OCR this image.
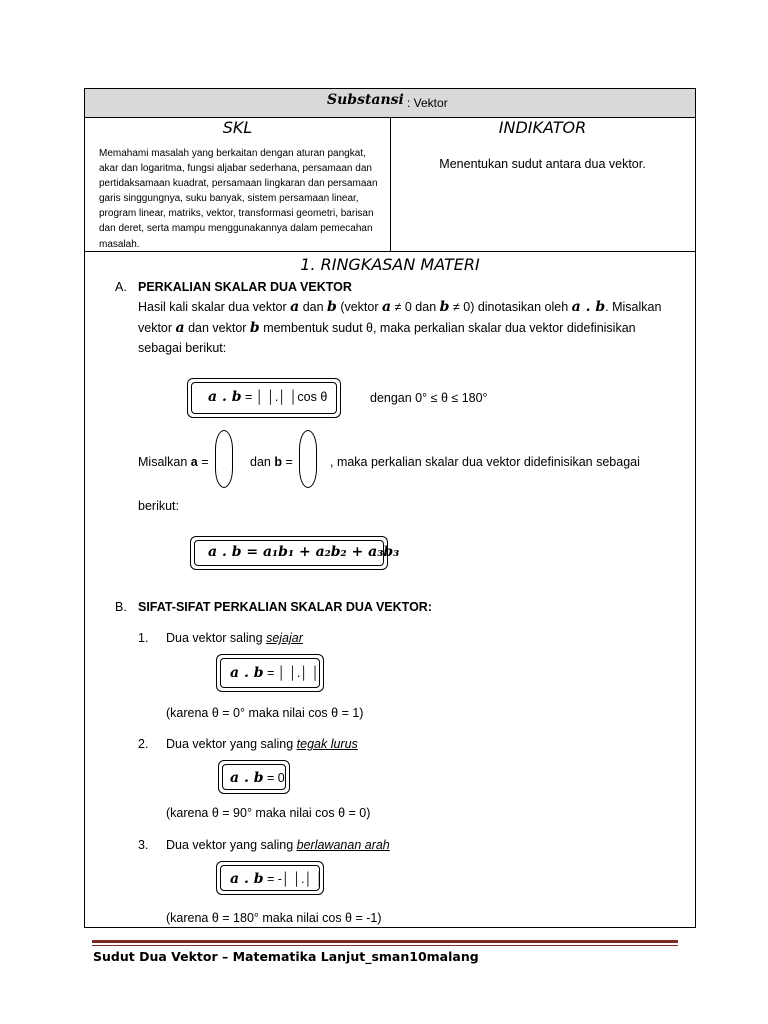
Substansi : Vektor
SKL	INDIKATOR
Memahami masalah yang berkaitan dengan aturan pangkat, akar dan logaritma, fungsi aljabar sederhana, persamaan dan pertidaksamaan kuadrat, persamaan lingkaran dan persamaan garis singgungnya, suku banyak, sistem persamaan linear, program linear, matriks, vektor, transformasi geometri, barisan dan deret, serta mampu menggunakannya dalam pemecahan masalah.
Menentukan sudut antara dua vektor.
1. RINGKASAN MATERI
A. PERKALIAN SKALAR DUA VEKTOR
Hasil kali skalar dua vektor a dan b (vektor a ≠ 0 dan b ≠ 0) dinotasikan oleh a . b. Misalkan
vektor a dan vektor b membentuk sudut θ, maka perkalian skalar dua vektor didefinisikan
sebagai berikut:
a . b = │ │.│ │cos θ	dengan 0° ≤ θ ≤ 180°
Misalkan a =	dan b =	, maka perkalian skalar dua vektor didefinisikan sebagai
berikut:
a . b = a₁b₁ + a₂b₂ + a₃b₃
B. SIFAT-SIFAT PERKALIAN SKALAR DUA VEKTOR:
1. Dua vektor saling sejajar
a . b = │ │.│ │
(karena θ = 0° maka nilai cos θ = 1)
2. Dua vektor yang saling tegak lurus
a . b = 0
(karena θ = 90° maka nilai cos θ = 0)
3. Dua vektor yang saling berlawanan arah
a . b = -│ │.│ │
(karena θ = 180° maka nilai cos θ = -1)
Sudut Dua Vektor – Matematika Lanjut_sman10malang
